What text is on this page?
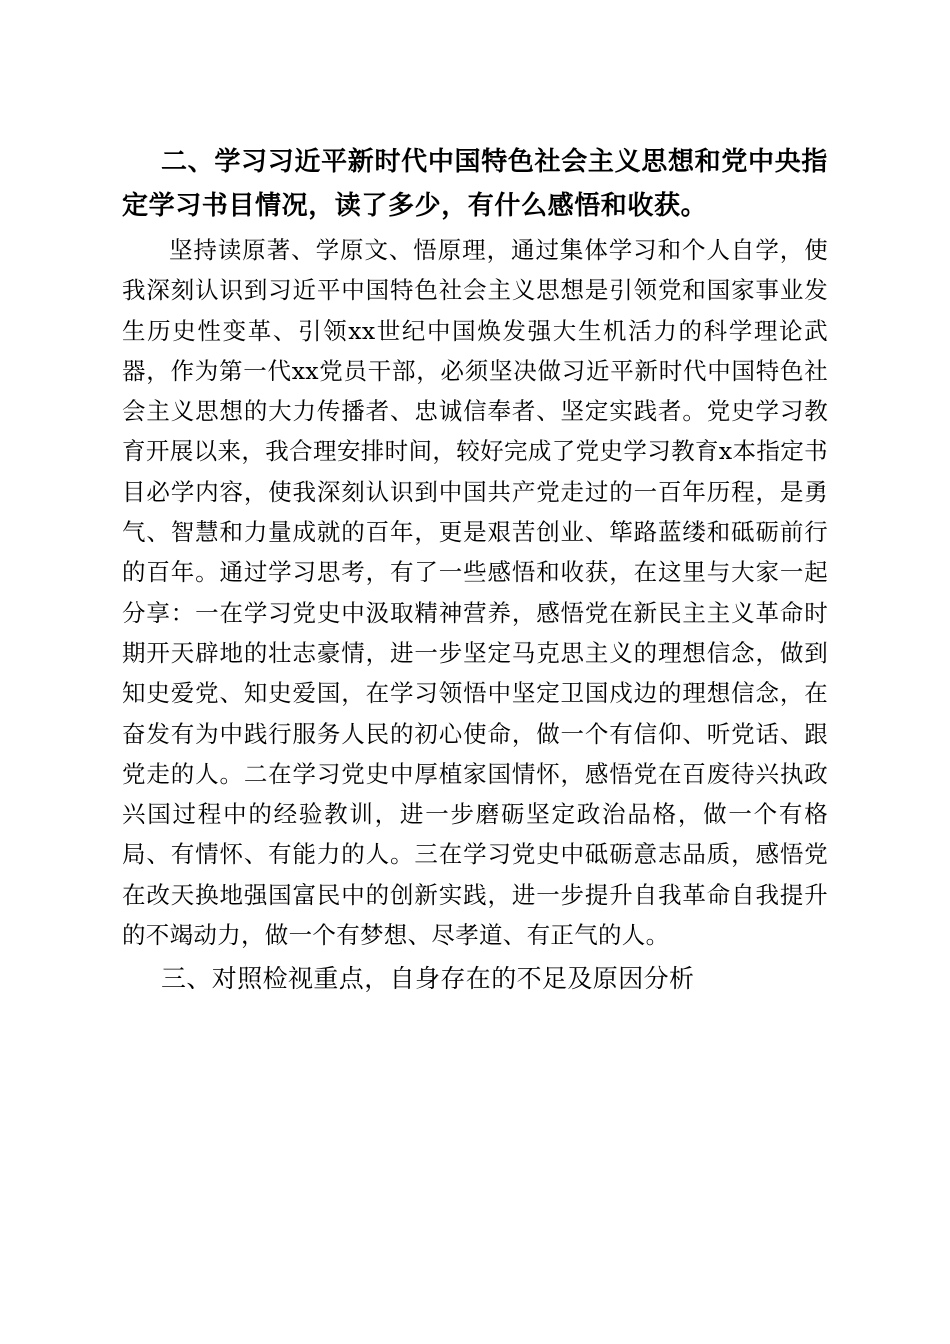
二、学习习近平新时代中国特色社会主义思想和党中央指定学习书目情况，读了多少，有什么感悟和收获。

坚持读原著、学原文、悟原理，通过集体学习和个人自学，使我深刻认识到习近平中国特色社会主义思想是引领党和国家事业发生历史性变革、引领xx世纪中国焕发强大生机活力的科学理论武器，作为第一代xx党员干部，必须坚决做习近平新时代中国特色社会主义思想的大力传播者、忠诚信奉者、坚定实践者。党史学习教育开展以来，我合理安排时间，较好完成了党史学习教育x本指定书目必学内容，使我深刻认识到中国共产党走过的一百年历程，是勇气、智慧和力量成就的百年，更是艰苦创业、筚路蓝缕和砥砺前行的百年。通过学习思考，有了一些感悟和收获，在这里与大家一起分享：一在学习党史中汲取精神营养，感悟党在新民主主义革命时期开天辟地的壮志豪情，进一步坚定马克思主义的理想信念，做到知史爱党、知史爱国，在学习领悟中坚定卫国戍边的理想信念，在奋发有为中践行服务人民的初心使命，做一个有信仰、听党话、跟党走的人。二在学习党史中厚植家国情怀，感悟党在百废待兴执政兴国过程中的经验教训，进一步磨砺坚定政治品格，做一个有格局、有情怀、有能力的人。三在学习党史中砥砺意志品质，感悟党在改天换地强国富民中的创新实践，进一步提升自我革命自我提升的不竭动力，做一个有梦想、尽孝道、有正气的人。

三、对照检视重点，自身存在的不足及原因分析
